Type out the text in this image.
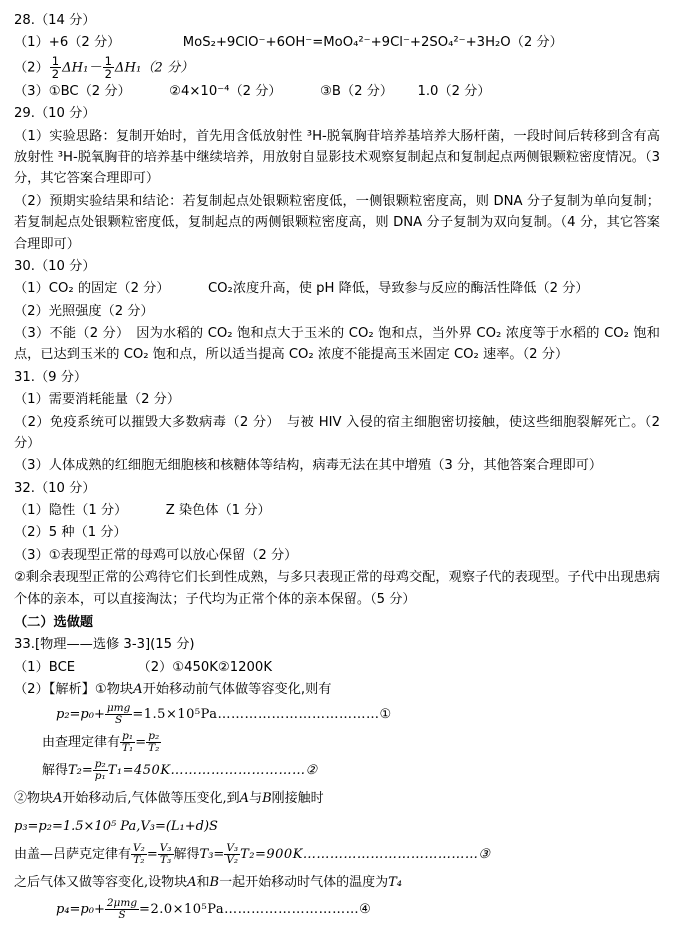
28.（14 分）
（1）+6（2 分）	MoS₂+9ClO⁻+6OH⁻=MoO₄²⁻+9Cl⁻+2SO₄²⁻+3H₂O（2 分）
$(2) \frac{1}{2} \Delta H_1- \frac{1}{2} \Delta H_1(2$ 分）
（3）①BC（2 分）	②4×10⁻⁴（2 分）	③B（2 分） 1.0（2 分）
29.（10 分）
（1）实验思路：复制开始时，首先用含低放射性 ³H-脱氧胸苷培养基培养大肠杆菌，一段时间后转移到含有高放射性 ³H-脱氧胸苷的培养基中继续培养，用放射自显影技术观察复制起点和复制起点两侧银颗粒密度情况。（3 分，其它答案合理即可）
（2）预期实验结果和结论：若复制起点处银颗粒密度低，一侧银颗粒密度高，则 DNA 分子复制为单向复制；若复制起点处银颗粒密度低，复制起点的两侧银颗粒密度高，则 DNA 分子复制为双向复制。（4 分，其它答案合理即可）
30.（10 分）
（1）CO₂ 的固定（2 分）	CO₂浓度升高，使 pH 降低，导致参与反应的酶活性降低（2 分）
（2）光照强度（2 分）
（3）不能（2 分）　因为水稻的 CO₂ 饱和点大于玉米的 CO₂ 饱和点，当外界 CO₂ 浓度等于水稻的 CO₂ 饱和点，已达到玉米的 CO₂ 饱和点，所以适当提高 CO₂ 浓度不能提高玉米固定 CO₂ 速率。（2 分）
31.（9 分）
（1）需要消耗能量（2 分）
（2）免疫系统可以摧毁大多数病毒（2 分）　与被 HIV 入侵的宿主细胞密切接触，使这些细胞裂解死亡。（2 分）
（3）人体成熟的红细胞无细胞核和核糖体等结构，病毒无法在其中增殖（3 分，其他答案合理即可）
32.（10 分）
（1）隐性（1 分）	Z 染色体（1 分）
（2）5 种（1 分）
（3）①表现型正常的母鸡可以放心保留（2 分）
②剩余表现型正常的公鸡待它们长到性成熟，与多只表现正常的母鸡交配，观察子代的表现型。子代中出现患病个体的亲本，可以直接淘汰；子代均为正常个体的亲本保留。（5 分）
（二）选做题
33.[物理——选修 3-3](15 分)
（1）BCE	（2）①450K②1200K
（2）【解析】①物块A开始移动前气体做等容变化,则有
$p_2=p_0+ \frac{\text{μmg}}{S}$ =1.5×10⁵Pa………………………………①
由查理定律有 $\frac{\text{p₁}}{\text{T₁}} = \frac{\text{p₂}}{\text{T₂}}$
解得$T_2= \frac{\text{p₂}}{\text{p₁}}$ T₁=450K…………………………②
②物块A开始移动后,气体做等压变化,到A与B刚接触时
p₃=p₂=1.5×10⁵ Pa,V₃=(L₁+d)S
由盖—吕萨克定律有 $\frac{\text{V₂}}{\text{T₂}} = \frac{\text{V₃}}{\text{T₃}}$ 解得$T_3= \frac{\text{V₃}}{\text{V₂}}$ T₂=900K…………………………………③
之后气体又做等容变化,设物块A和B一起开始移动时气体的温度为T₄
$p_4=p_0+ \frac{\text{2μmg}}{S}$ =2.0×10⁵Pa…………………………④
